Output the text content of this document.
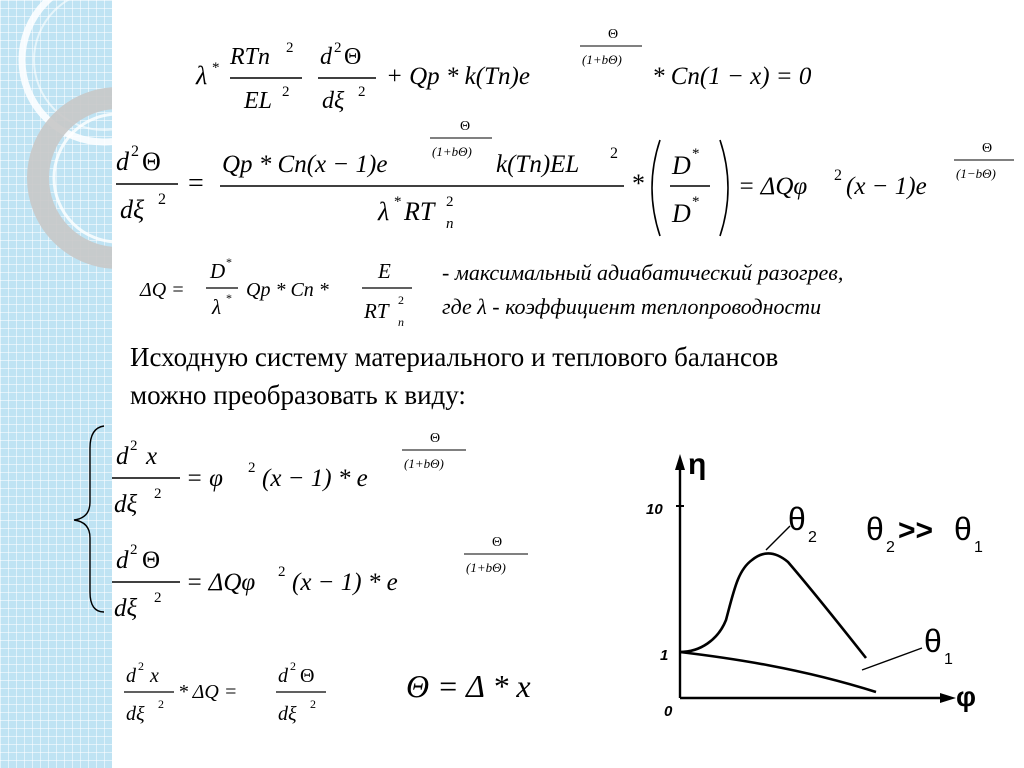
λ * RTn 2
EL 2
d 2 Θ
dξ 2
+ Qp * k(Tn)e
Θ
(1+bΘ)
* Cn(1 − x) = 0
d 2 Θ
dξ 2
=
Qp * Cn(x − 1)e
Θ
(1+bΘ) k(Tn)EL 2
λ * RT 2
n
*
D *
D *
= ΔQφ 2 (x − 1)e
Θ
(1−bΘ)
ΔQ =
D *
λ * Qp * Cn *
E
RT 2
n
- максимальный адиабатический разогрев,
где λ - коэффициент теплопроводности
Исходную систему материального и теплового балансов
можно преобразовать к виду:
d 2 x
dξ 2
= φ 2 (x − 1) * e
Θ
(1+bΘ)
d 2 Θ
dξ 2
= ΔQφ 2 (x − 1) * e
Θ
(1+bΘ)
d 2 x
dξ 2
* ΔQ =
d 2 Θ
dξ 2	Θ = Δ * x
η
φ
10
1
0
θ
2
θ
1
θ
2
>> θ
1
